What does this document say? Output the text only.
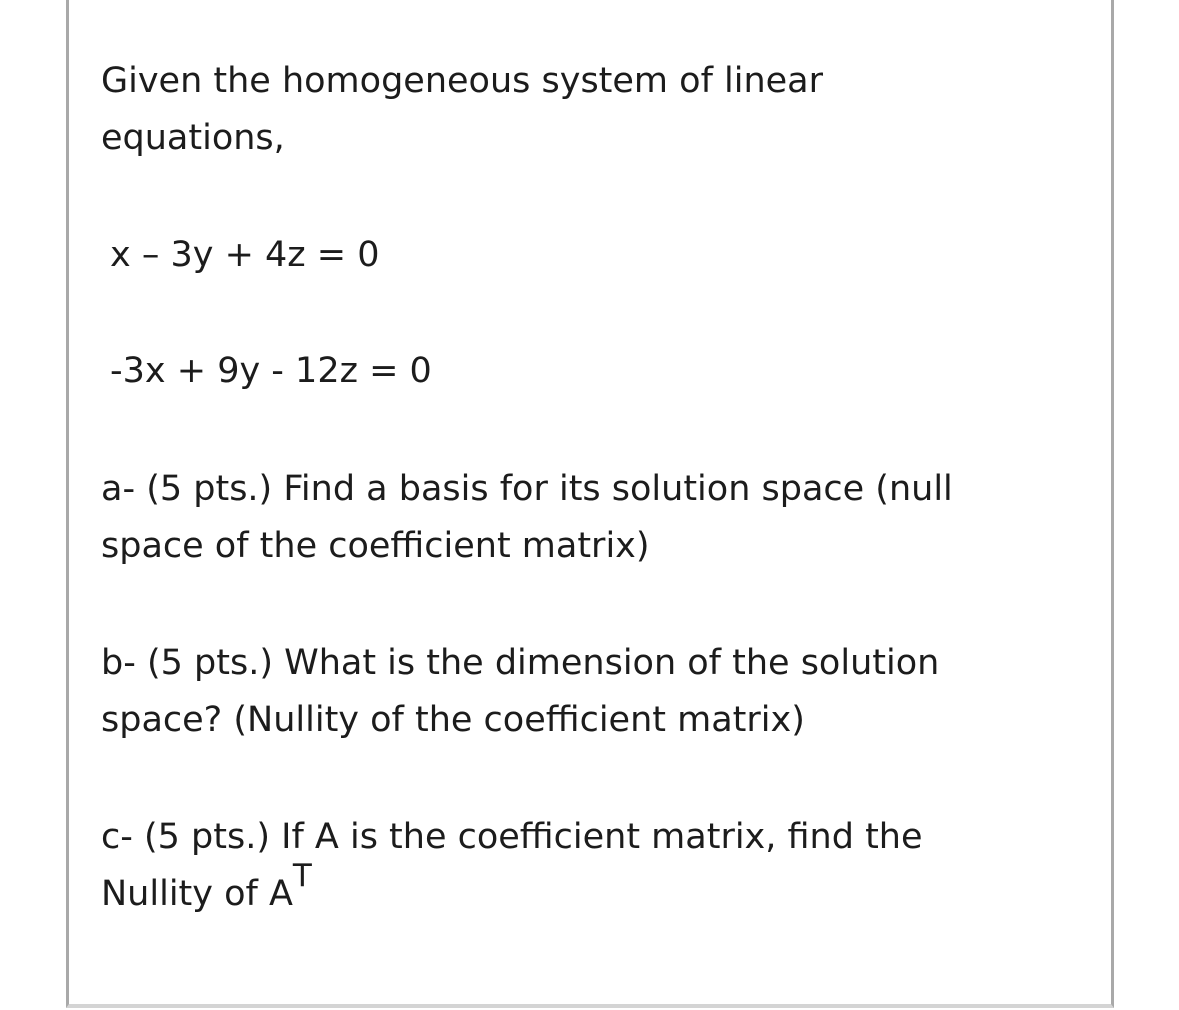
Given the homogeneous system of linear
equations,

x – 3y + 4z = 0

-3x + 9y - 12z = 0

a- (5 pts.) Find a basis for its solution space (null
space of the coefficient matrix)

b- (5 pts.) What is the dimension of the solution
space? (Nullity of the coefficient matrix)

c- (5 pts.) If A is the coefficient matrix, find the
Nullity of $A^T$
